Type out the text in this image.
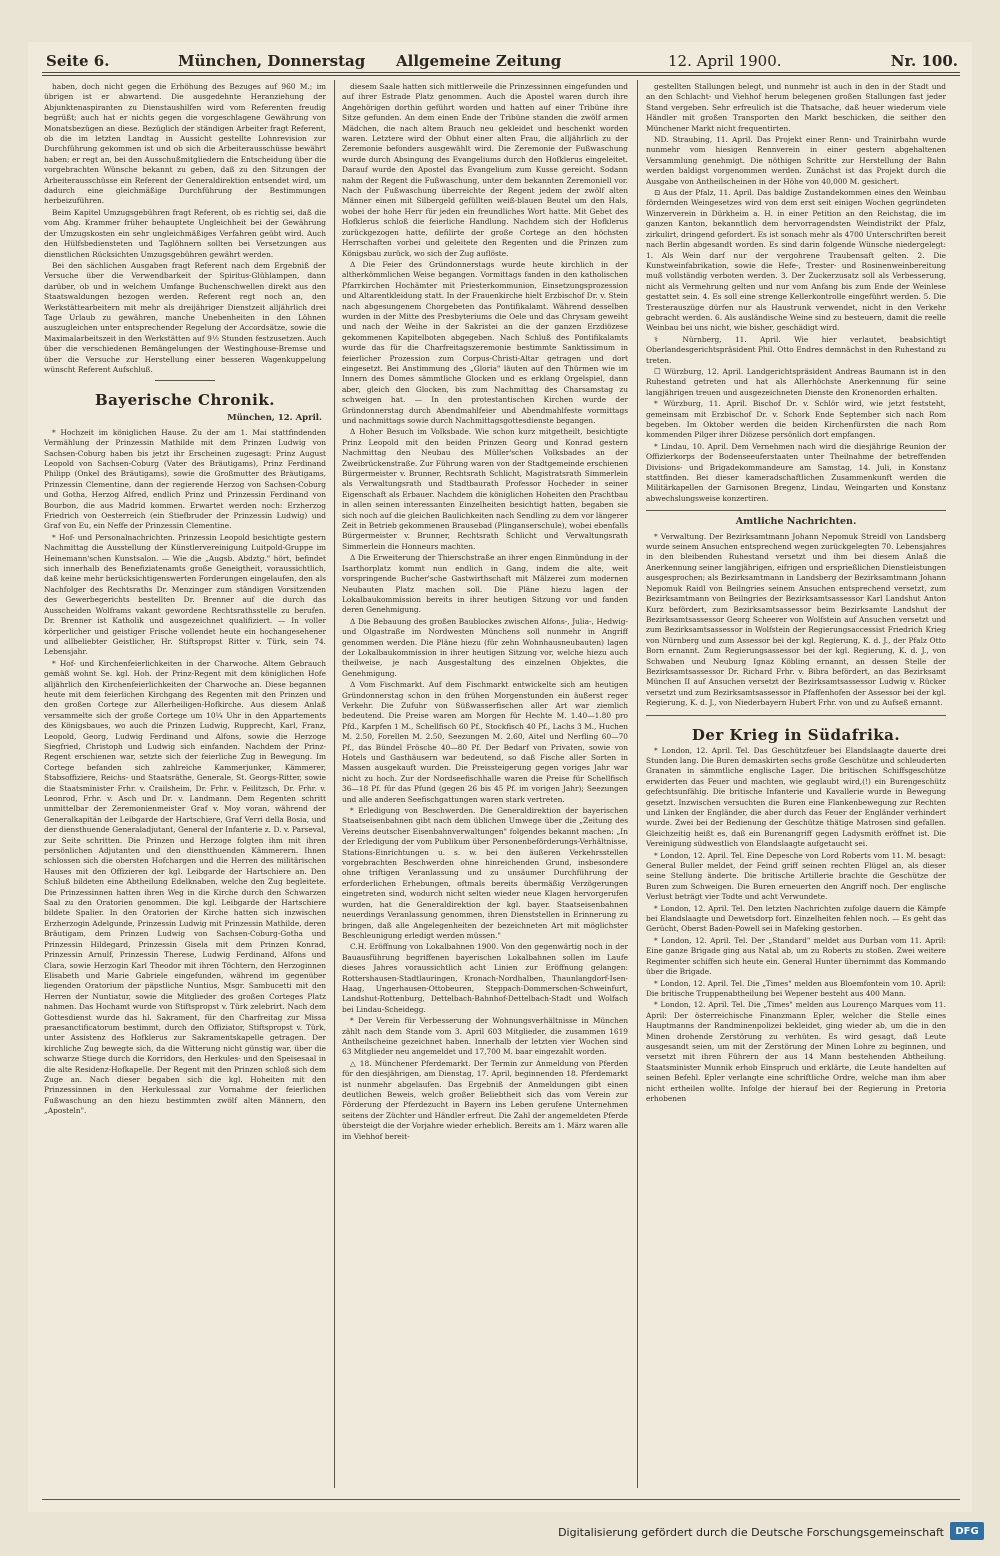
Seite 6.	München, Donnerstag Allgemeine Zeitung	12. April 1900.	Nr. 100.

haben, doch nicht gegen die Erhöhung des Bezuges auf 960 M.; im übrigen ist er abwartend. Die ausgedehnte Heranziehung der Abjunktenaspiranten zu Dienstaushilfen wird vom Referenten freudig begrüßt; auch hat er nichts gegen die vorgeschlagene Gewährung von Monatsbezügen an diese. Bezüglich der ständigen Arbeiter fragt Referent, ob die im letzten Landtag in Aussicht gestellte Lohnrevision zur Durchführung gekommen ist und ob sich die Arbeiterausschüsse bewährt haben; er regt an, bei den Ausschußmitgliedern die Entscheidung über die vorgebrachten Wünsche bekannt zu geben, daß zu den Sitzungen der Arbeiterausschüsse ein Referent der Generaldirektion entsendet wird, um dadurch eine gleichmäßige Durchführung der Bestimmungen herbeizuführen.

Beim Kapitel Umzugsgebühren fragt Referent, ob es richtig sei, daß die vom Abg. Krammer früher behauptete Ungleichheit bei der Gewährung der Umzugskosten ein sehr ungleichmäßiges Verfahren geübt wird. Auch den Hülfsbediensteten und Taglöhnern sollten bei Versetzungen aus dienstlichen Rücksichten Umzugsgebühren gewährt werden.

Bei den sächlichen Ausgaben fragt Referent nach dem Ergebniß der Versuche über die Verwendbarkeit der Spiritus-Glühlampen, dann darüber, ob und in welchem Umfange Buchenschwellen direkt aus den Staatswaldungen bezogen werden. Referent regt noch an, den Werkstättearbeitern mit mehr als dreijähriger Dienstzeit alljährlich drei Tage Urlaub zu gewähren, manche Unebenheiten in den Löhnen auszugleichen unter entsprechender Regelung der Accordsätze, sowie die Maximalarbeitszeit in den Werkstätten auf 9½ Stunden festzusetzen. Auch über die verschiedenen Bemängelungen der Westinghouse-Bremse und über die Versuche zur Herstellung einer besseren Wagenkuppelung wünscht Referent Aufschluß.

Bayerische Chronik.
München, 12. April.

* Hochzeit im königlichen Hause. Zu der am 1. Mai stattfindenden Vermählung der Prinzessin Mathilde mit dem Prinzen Ludwig von Sachsen-Coburg haben bis jetzt ihr Erscheinen zugesagt: Prinz August Leopold von Sachsen-Coburg (Vater des Bräutigams), Prinz Ferdinand Philipp (Onkel des Bräutigams), sowie die Großmutter des Bräutigams, Prinzessin Clementine, dann der regierende Herzog von Sachsen-Coburg und Gotha, Herzog Alfred, endlich Prinz und Prinzessin Ferdinand von Bourbon, die aus Madrid kommen. Erwartet werden noch: Erzherzog Friedrich von Oesterreich (ein Stiefbruder der Prinzessin Ludwig) und Graf von Eu, ein Neffe der Prinzessin Clementine.

* Hof- und Personalnachrichten. Prinzessin Leopold besichtigte gestern Nachmittag die Ausstellung der Künstlervereinigung Luitpold-Gruppe im Heinemann'schen Kunstsalon. — Wie die „Augsb. Abdztg." hört, befindet sich innerhalb des Benefiziatenamts große Geneigtheit, voraussichtlich, daß keine mehr berücksichtigenswerten Forderungen eingelaufen, den als Nachfolger des Rechtsraths Dr. Menzinger zum ständigen Vorsitzenden des Gewerbegerichts bestellten Dr. Brenner auf die durch das Ausscheiden Wolframs vakant gewordene Rechtsrathsstelle zu berufen. Dr. Brenner ist Katholik und ausgezeichnet qualifiziert. — In voller körperlicher und geistiger Frische vollendet heute ein hochangesehener und allbeliebter Geistlicher, Hr. Stiftspropst Ritter v. Türk, sein 74. Lebensjahr.

* Hof- und Kirchenfeierlichkeiten in der Charwoche. Altem Gebrauch gemäß wohnt Se. kgl. Hoh. der Prinz-Regent mit dem königlichen Hofe alljährlich den Kirchenfeierlichkeiten der Charwoche an. Diese begannen heute mit dem feierlichen Kirchgang des Regenten mit den Prinzen und den großen Cortege zur Allerheiligen-Hofkirche. Aus diesem Anlaß versammelte sich der große Cortege um 10¼ Uhr in den Appartements des Königsbaues, wo auch die Prinzen Ludwig, Rupprecht, Karl, Franz, Leopold, Georg, Ludwig Ferdinand und Alfons, sowie die Herzoge Siegfried, Christoph und Ludwig sich einfanden. Nachdem der Prinz-Regent erschienen war, setzte sich der feierliche Zug in Bewegung. Im Cortege befanden sich zahlreiche Kammerjunker, Kämmerer, Stabsoffiziere, Reichs- und Staatsräthe, Generale, St. Georgs-Ritter, sowie die Staatsminister Frhr. v. Crailsheim, Dr. Frhr. v. Feilitzsch, Dr. Frhr. v. Leonrod, Frhr. v. Asch und Dr. v. Landmann. Dem Regenten schritt unmittelbar der Zeremonienmeister Graf v. Moy voran, während der Generalkapitän der Leibgarde der Hartschiere, Graf Verri della Bosia, und der diensthuende Generaladjutant, General der Infanterie z. D. v. Parseval, zur Seite schritten. Die Prinzen und Herzoge folgten ihm mit ihren persönlichen Adjutanten und den dienstthuenden Kämmerern. Ihnen schlossen sich die obersten Hofchargen und die Herren des militärischen Hauses mit den Offizieren der kgl. Leibgarde der Hartschiere an. Den Schluß bildeten eine Abtheilung Edelknaben, welche den Zug begleitete. Die Prinzessinnen hatten ihren Weg in die Kirche durch den Schwarzen Saal zu den Oratorien genommen. Die kgl. Leibgarde der Hartschiere bildete Spalier. In den Oratorien der Kirche hatten sich inzwischen Erzherzogin Adelgunde, Prinzessin Ludwig mit Prinzessin Mathilde, deren Bräutigam, dem Prinzen Ludwig von Sachsen-Coburg-Gotha und Prinzessin Hildegard, Prinzessin Gisela mit dem Prinzen Konrad, Prinzessin Arnulf, Prinzessin Therese, Ludwig Ferdinand, Alfons und Clara, sowie Herzogin Karl Theodor mit ihren Töchtern, den Herzoginnen Elisabeth und Marie Gabriele eingefunden, während im gegenüber liegenden Oratorium der päpstliche Nuntius, Msgr. Sambucetti mit den Herren der Nuntiatur, sowie die Mitglieder des großen Corteges Platz nahmen. Das Hochamt wurde von Stiftspropst v. Türk zelebrirt. Nach dem Gottesdienst wurde das hl. Sakrament, für den Charfreitag zur Missa praesanctificatorum bestimmt, durch den Offiziator, Stiftspropst v. Türk, unter Assistenz des Hofklerus zur Sakramentskapelle getragen. Der kirchliche Zug bewegte sich, da die Witterung nicht günstig war, über die schwarze Stiege durch die Korridors, den Herkules- und den Speisesaal in die alte Residenz-Hofkapelle. Der Regent mit den Prinzen schloß sich dem Zuge an. Nach dieser begaben sich die kgl. Hoheiten mit den Prinzessinnen in den Herkulessaal zur Vornahme der feierlichen Fußwaschung an den hiezu bestimmten zwölf alten Männern, den „Aposteln".

diesem Saale hatten sich mittlerweile die Prinzessinnen eingefunden und auf ihrer Estrade Platz genommen. Auch die Apostel waren durch ihre Angehörigen dorthin geführt worden und hatten auf einer Tribüne ihre Sitze gefunden. An dem einen Ende der Tribüne standen die zwölf armen Mädchen, die nach altem Brauch neu gekleidet und beschenkt worden waren. Letztere wird der Obhut einer alten Frau, die alljährlich zu der Zeremonie befonders ausgewählt wird. Die Zeremonie der Fußwaschung wurde durch Absingung des Evangeliums durch den Hofklerus eingeleitet. Darauf wurde den Apostel das Evangelium zum Kusse gereicht. Sodann nahm der Regent die Fußwaschung, unter dem bekannten Zeremoniell vor. Nach der Fußwaschung überreichte der Regent jedem der zwölf alten Männer einen mit Silbergeld gefüllten weiß-blauen Beutel um den Hals, wobei der hohe Herr für jeden ein freundliches Wort hatte. Mit Gebet des Hofklerus schloß die feierliche Handlung. Nachdem sich der Hofklerus zurückgezogen hatte, defilirte der große Cortege an den höchsten Herrschaften vorbei und geleitete den Regenten und die Prinzen zum Königsbau zurück, wo sich der Zug auflöste.

Δ Die Feier des Gründonnerstags wurde heute kirchlich in der altherkömmlichen Weise begangen. Vormittags fanden in den katholischen Pfarrkirchen Hochämter mit Priesterkommunion, Einsetzungsprozession und Altarentkleidung statt. In der Frauenkirche hielt Erzbischof Dr. v. Stein nach abgesungenem Chorgebeten das Pontifikalamt. Während desselben wurden in der Mitte des Presbyteriums die Oele und das Chrysam geweiht und nach der Weihe in der Sakristei an die der ganzen Erzdiözese gekommenen Kapitelboten abgegeben. Nach Schluß des Pontifikalamts wurde das für die Charfreitagszeremonie bestimmte Sanktissimum in feierlicher Prozession zum Corpus-Christi-Altar getragen und dort eingesetzt. Bei Anstimmung des „Gloria" läuten auf den Thürmen wie im Innern des Domes sämmtliche Glocken und es erklang Orgelspiel, dann aber, gleich den Glocken, bis zum Nachmittag des Charsamstag zu schweigen hat. — In den protestantischen Kirchen wurde der Gründonnerstag durch Abendmahlfeier und Abendmahlfeste vormittags und nachmittags sowie durch Nachmittagsgottesdienste begangen.

Δ Hoher Besuch im Volksbade. Wie schon kurz mitgetheilt, besichtigte Prinz Leopold mit den beiden Prinzen Georg und Konrad gestern Nachmittag den Neubau des Müller'schen Volksbades an der Zweibrückenstraße. Zur Führung waren von der Stadtgemeinde erschienen Bürgermeister v. Brunner, Rechtsrath Schlicht, Magistratsrath Simmerlein als Verwaltungsrath und Stadtbaurath Professor Hocheder in seiner Eigenschaft als Erbauer. Nachdem die königlichen Hoheiten den Prachtbau in allen seinen interessanten Einzelheiten besichtigt hatten, begaben sie sich noch auf die gleichen Baulichkeiten nach Sendling zu dem vor längerer Zeit in Betrieb gekommenen Brausebad (Plinganserschule), wobei ebenfalls Bürgermeister v. Brunner, Rechtsrath Schlicht und Verwaltungsrath Simmerlein die Honneurs machten.

Δ Die Erweiterung der Thierschstraße an ihrer engen Einmündung in der Isarthorplatz kommt nun endlich in Gang, indem die alte, weit vorspringende Bucher'sche Gastwirthschaft mit Mälzerei zum modernen Neubauten Platz machen soll. Die Pläne hiezu lagen der Lokalbaukommission bereits in ihrer heutigen Sitzung vor und fanden deren Genehmigung.

Δ Die Bebauung des großen Baublockes zwischen Alfons-, Julia-, Hedwig- und Olgastraße im Nordwesten Münchens soll nunmehr in Angriff genommen werden. Die Pläne hiezu (für zehn Wohnhausneubauten) lagen der Lokalbaukommission in ihrer heutigen Sitzung vor, welche hiezu auch theilweise, je nach Ausgestaltung des einzelnen Objektes, die Genehmigung.

Δ Vom Fischmarkt. Auf dem Fischmarkt entwickelte sich am heutigen Gründonnerstag schon in den frühen Morgenstunden ein äußerst reger Verkehr. Die Zufuhr von Süßwasserfischen aller Art war ziemlich bedeutend. Die Preise waren am Morgen für Hechte M. 1.40—1.80 pro Pfd., Karpfen 1 M., Schellfisch 60 Pf., Stockfisch 40 Pf., Lachs 3 M., Huchen M. 2.50, Forellen M. 2.50, Seezungen M. 2.60, Aitel und Nerfling 60—70 Pf., das Bündel Frösche 40—80 Pf. Der Bedarf von Privaten, sowie von Hotels und Gasthäusern war bedeutend, so daß Fische aller Sorten in Massen ausgekauft wurden. Die Preissteigerung gegen voriges Jahr war nicht zu hoch. Zur der Nordseefischhalle waren die Preise für Schellfisch 36—18 Pf. für das Pfund (gegen 26 bis 45 Pf. im vorigen Jahr); Seezungen und alle anderen Seefischgattungen waren stark vertreten.

* Erledigung von Beschwerden. Die Generaldirektion der bayerischen Staatseisenbahnen gibt nach dem üblichen Umwege über die „Zeitung des Vereins deutscher Eisenbahnverwaltungen" folgendes bekannt machen: „In der Erledigung der vom Publikum über Personenbeförderungs-Verhältnisse, Stations-Einrichtungen u. s. w. bei den äußeren Verkehrsstellen vorgebrachten Beschwerden ohne hinreichenden Grund, insbesondere ohne triftigen Veranlassung und zu unsäumer Durchführung der erforderlichen Erhebungen, oftmals bereits übermäßig Verzögerungen eingetreten sind, wodurch nicht selten wieder neue Klagen hervorgerufen wurden, hat die Generaldirektion der kgl. bayer. Staatseisenbahnen neuerdings Veranlassung genommen, ihren Dienststellen in Erinnerung zu bringen, daß alle Angelegenheiten der bezeichneten Art mit möglichster Beschleunigung erledigt werden müssen."

C.H. Eröffnung von Lokalbahnen 1900. Von den gegenwärtig noch in der Bauausführung begriffenen bayerischen Lokalbahnen sollen im Laufe dieses Jahres voraussichtlich acht Linien zur Eröffnung gelangen: Rottershausen-Stadtlauringen, Kronach-Nordhalben, Thaunlangdorf-Isen-Haag, Ungerhausen-Ottobeuren, Steppach-Dommerschen-Schweinfurt, Landshut-Rottenburg, Dettelbach-Bahnhof-Dettelbach-Stadt und Wolfach bei Lindau-Scheidegg.

* Der Verein für Verbesserung der Wohnungsverhältnisse in München zählt nach dem Stande vom 3. April 603 Mitglieder, die zusammen 1619 Antheilscheine gezeichnet haben. Innerhalb der letzten vier Wochen sind 63 Mitglieder neu angemeldet und 17,700 M. baar eingezahlt worden.

△ 18. Münchener Pferdemarkt. Der Termin zur Anmeldung von Pferden für den diesjährigen, am Dienstag, 17. April, beginnenden 18. Pferdemarkt ist nunmehr abgelaufen. Das Ergebniß der Anmeldungen gibt einen deutlichen Beweis, welch großer Beliebtheit sich das vom Verein zur Förderung der Pferdezucht in Bayern ins Leben gerufene Unternehmen seitens der Züchter und Händler erfreut. Die Zahl der angemeldeten Pferde übersteigt die der Vorjahre wieder erheblich. Bereits am 1. März waren alle im Viehhof bereit-

gestellten Stallungen belegt, und nunmehr ist auch in den in der Stadt und an den Schlacht- und Viehhof herum belegenen großen Stallungen fast jeder Stand vergeben. Sehr erfreulich ist die Thatsache, daß heuer wiederum viele Händler mit großen Transporten den Markt beschicken, die seither den Münchener Markt nicht frequentirten.

ND. Straubing, 11. April. Das Projekt einer Renn- und Trainirbahn wurde nunmehr vom hiesigen Rennverein in einer gestern abgehaltenen Versammlung genehmigt. Die nöthigen Schritte zur Herstellung der Bahn werden baldigst vorgenommen werden. Zunächst ist das Projekt durch die Ausgabe von Antheilscheinen in der Höhe von 40,000 M. gesichert.

⊡ Aus der Pfalz, 11. April. Das baldige Zustandekommen eines den Weinbau fördernden Weingesetzes wird von dem erst seit einigen Wochen gegründeten Winzerverein in Dürkheim a. H. in einer Petition an den Reichstag, die im ganzen Kanton, bekanntlich dem hervorragendsten Weindistrikt der Pfalz, zirkulirt, dringend gefordert. Es ist sonach mehr als 4700 Unterschriften bereit nach Berlin abgesandt worden. Es sind darin folgende Wünsche niedergelegt: 1. Als Wein darf nur der vergohrene Traubensaft gelten. 2. Die Kunstweinfabrikation, sowie die Hefe-, Trester- und Rosinenweinbereitung muß vollständig verboten werden. 3. Der Zuckerzusatz soll als Verbesserung, nicht als Vermehrung gelten und nur vom Anfang bis zum Ende der Weinlese gestattet sein. 4. Es soll eine strenge Kellerkontrolle eingeführt werden. 5. Die Tresterauszüge dürfen nur als Haustrunk verwendet, nicht in den Verkehr gebracht werden. 6. Als ausländische Weine sind zu besteuern, damit die reelle Weinbau bei uns nicht, wie bisher, geschädigt wird.

⚕ Nürnberg, 11. April. Wie hier verlautet, beabsichtigt Oberlandesgerichtspräsident Phil. Otto Endres demnächst in den Ruhestand zu treten.

☐ Würzburg, 12. April. Landgerichtspräsident Andreas Baumann ist in den Ruhestand getreten und hat als Allerhöchste Anerkennung für seine langjährigen treuen und ausgezeichneten Dienste den Kronenorden erhalten.

* Würzburg, 11. April. Bischof Dr. v. Schlör wird, wie jetzt feststeht, gemeinsam mit Erzbischof Dr. v. Schork Ende September sich nach Rom begeben. Im Oktober werden die beiden Kirchenfürsten die nach Rom kommenden Pilger ihrer Diözese persönlich dort empfangen.

* Lindau, 10. April. Dem Vernehmen nach wird die diesjährige Reunion der Offizierkorps der Bodenseeuferstaaten unter Theilnahme der betreffenden Divisions- und Brigadekommandeure am Samstag, 14. Juli, in Konstanz stattfinden. Bei dieser kameradschaftlichen Zusammenkunft werden die Militärkapellen der Garnisonen Bregenz, Lindau, Weingarten und Konstanz abwechslungsweise konzertiren.

Amtliche Nachrichten.

* Verwaltung. Der Bezirksamtmann Johann Nepomuk Streidl von Landsberg wurde seinem Ansuchen entsprechend wegen zurückgelegten 70. Lebensjahres in den bleibenden Ruhestand versetzt und ihm bei diesem Anlaß die Anerkennung seiner langjährigen, eifrigen und ersprießlichen Dienstleistungen ausgesprochen; als Bezirksamtmann in Landsberg der Bezirksamtmann Johann Nepomuk Raidl von Beilngries seinem Ansuchen entsprechend versetzt, zum Bezirksamtmann von Beilngries der Bezirksamtsassessor Karl Landshut Anton Kurz befördert, zum Bezirksamtsassessor beim Bezirksamte Landshut der Bezirksamtsassessor Georg Scheerer von Wolfstein auf Ansuchen versetzt und zum Bezirksamtsassessor in Wolfstein der Regierungsaccessist Friedrich Krieg von Nürnberg und zum Assessor bei der kgl. Regierung, K. d. J., der Pfalz Otto Born ernannt. Zum Regierungsassessor bei der kgl. Regierung, K. d. J., von Schwaben und Neuburg Ignaz Köbling ernannt, an dessen Stelle der Bezirksamtsassessor Dr. Richard Frhr. v. Bibra befördert, an das Bezirksamt München II auf Ansuchen versetzt der Bezirksamtsassessor Ludwig v. Rücker versetzt und zum Bezirksamtsassessor in Pfaffenhofen der Assessor bei der kgl. Regierung, K. d. J., von Niederbayern Hubert Frhr. von und zu Aufseß ernannt.

Der Krieg in Südafrika.

* London, 12. April. Tel. Das Geschützfeuer bei Elandslaagte dauerte drei Stunden lang. Die Buren demaskirten sechs große Geschütze und schleuderten Granaten in sämmtliche englische Lager. Die britischen Schiffsgeschütze erwiderten das Feuer und machten, wie geglaubt wird,(!) ein Burengeschütz gefechtsunfähig. Die britische Infanterie und Kavallerie wurde in Bewegung gesetzt. Inzwischen versuchten die Buren eine Flankenbewegung zur Rechten und Linken der Engländer, die aber durch das Feuer der Engländer verhindert wurde. Zwei bei der Bedienung der Geschütze thätige Matrosen sind gefallen. Gleichzeitig heißt es, daß ein Burenangriff gegen Ladysmith eröffnet ist. Die Vereinigung südwestlich von Elandslaagte aufgetaucht sei.

* London, 12. April. Tel. Eine Depesche von Lord Roberts vom 11. M. besagt: General Buller meldet, der Feind griff seinen rechten Flügel an, als dieser seine Stellung änderte. Die britische Artillerie brachte die Geschütze der Buren zum Schweigen. Die Buren erneuerten den Angriff noch. Der englische Verlust beträgt vier Todte und acht Verwundete.

* London, 12. April. Tel. Den letzten Nachrichten zufolge dauern die Kämpfe bei Elandslaagte und Dewetsdorp fort. Einzelheiten fehlen noch. — Es geht das Gerücht, Oberst Baden-Powell sei in Mafeking gestorben.

* London, 12. April. Tel. Der „Standard" meldet aus Durban vom 11. April: Eine ganze Brigade ging aus Natal ab, um zu Roberts zu stoßen. Zwei weitere Regimenter schiffen sich heute ein. General Hunter übernimmt das Kommando über die Brigade.

* London, 12. April. Tel. Die „Times" melden aus Bloemfontein vom 10. April: Die britische Truppenabtheilung bei Wepener besteht aus 400 Mann.

* London, 12. April. Tel. Die „Times" melden aus Lourenço Marques vom 11. April: Der österreichische Finanzmann Epler, welcher die Stelle eines Hauptmanns der Randminenpolizei bekleidet, ging wieder ab, um die in den Minen drohende Zerstörung zu verhüten. Es wird gesagt, daß Leute ausgesandt seien, um mit der Zerstörung der Minen Lohre zu beginnen, und versetzt mit ihren Führern der aus 14 Mann bestehenden Abtheilung. Staatsminister Munnik erhob Einspruch und erklärte, die Leute handelten auf seinen Befehl. Epler verlangte eine schriftliche Ordre, welche man ihm aber nicht ertheilen wollte. Infolge der hierauf bei der Regierung in Pretoria erhobenen

Digitalisierung gefördert durch die Deutsche Forschungsgemeinschaft	DFG
